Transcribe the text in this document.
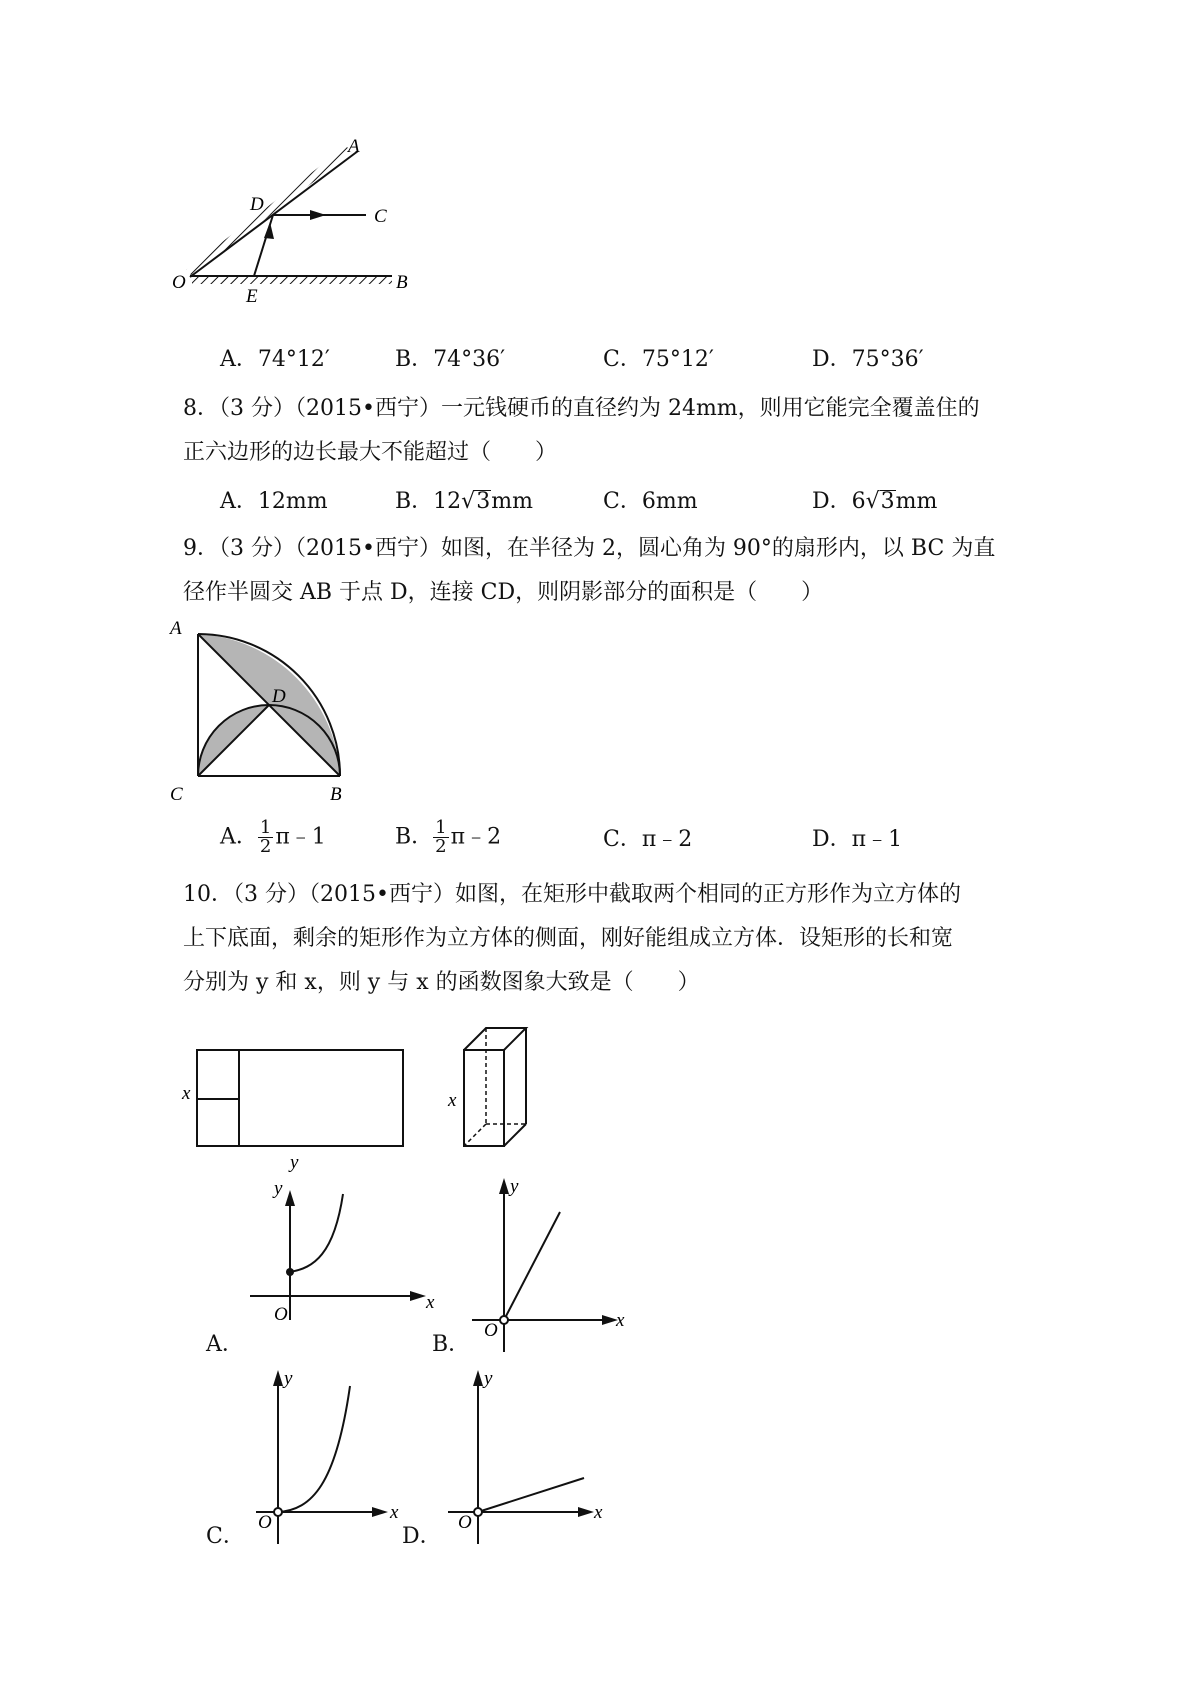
A
D
C
O
E
B
A．74°12′	B．74°36′	C．75°12′	D．75°36′
8．（3 分）（2015•西宁）一元钱硬币的直径约为 24mm，则用它能完全覆盖住的
正六边形的边长最大不能超过（　　）
A．12mm	B．12√3mm	C．6mm	D．6√3mm
9．（3 分）（2015•西宁）如图，在半径为 2，圆心角为 90°的扇形内，以 BC 为直
径作半圆交 AB 于点 D，连接 CD，则阴影部分的面积是（　　）
A
D
C	B
A． $\frac{1}{2}$ π﹣1	B． $\frac{1}{2}$ π﹣2	C．π﹣2	D．π﹣1
10．（3 分）（2015•西宁）如图，在矩形中截取两个相同的正方形作为立方体的
上下底面，剩余的矩形作为立方体的侧面，刚好能组成立方体．设矩形的长和宽
分别为 y 和 x，则 y 与 x 的函数图象大致是（　　）
x
y
x
y
x
O
A．
y
x
O
B．
y
x
O
C．
y
x
O
D．
